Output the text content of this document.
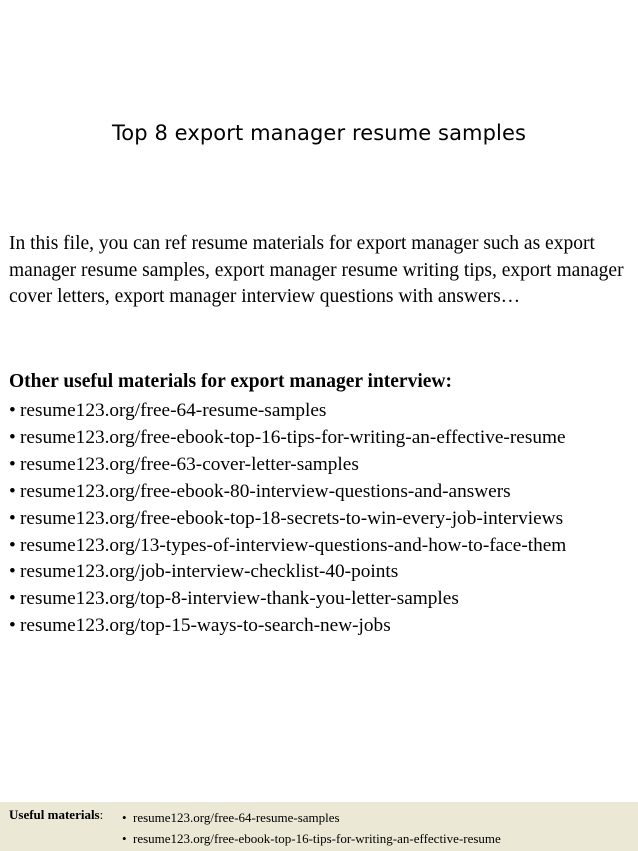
Top 8 export manager resume samples
In this file, you can ref resume materials for export manager such as export manager resume samples, export manager resume writing tips, export manager cover letters, export manager interview questions with answers…
Other useful materials for export manager interview:
• resume123.org/free-64-resume-samples
• resume123.org/free-ebook-top-16-tips-for-writing-an-effective-resume
• resume123.org/free-63-cover-letter-samples
• resume123.org/free-ebook-80-interview-questions-and-answers
• resume123.org/free-ebook-top-18-secrets-to-win-every-job-interviews
• resume123.org/13-types-of-interview-questions-and-how-to-face-them
• resume123.org/job-interview-checklist-40-points
• resume123.org/top-8-interview-thank-you-letter-samples
• resume123.org/top-15-ways-to-search-new-jobs
Useful materials: • resume123.org/free-64-resume-samples
• resume123.org/free-ebook-top-16-tips-for-writing-an-effective-resume
